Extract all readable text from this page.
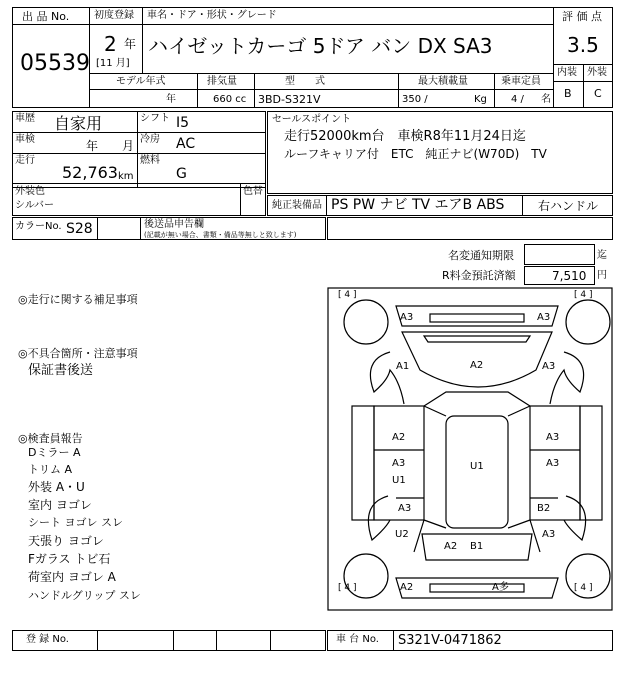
出 品 No.
05539
初度登録
2 年
[11 月]
車名・ドア・形状・グレード
ハイゼットカーゴ 5ドア バン DX SA3
評 価 点
3.5
内装 外装
B C
モデル年式
年
排気量
660 cc
型　　式
3BD-S321V
最大積載量
350 /	Kg
乗車定員
4 / 名
車歴 自家用	シフト I5
車検	年 月 冷房 AC
走行
52,763 km
燃料
G
セールスポイント
走行52000km台　車検R8年11月24日迄
ルーフキャリア付　ETC　純正ナビ(W70D)　TV
外装色
シルバー
色替
純正装備品 PS PW ナビ TV エアB ABS	右ハンドル
カラーNo. S28	後送品申告欄
(記載が無い場合、書類・備品等無しと致します)
名変通知期限	迄
R料金預託済額	7,510 円
◎走行に関する補足事項
◎不具合箇所・注意事項
保証書後送
◎検査員報告
Dミラー A
トリム A
外装 A・U
室内 ヨゴレ
シート ヨゴレ スレ
天張り ヨゴレ
Fガラス トビ石
荷室内 ヨゴレ A
ハンドルグリップ スレ
[ 4 ]	[ 4 ]
[ 4 ]	[ 4 ]
A3	A3
A2
A1	A3
A2	A3
A3
U1
U1	A3
A3
U2
B2
A3
A2 B1
A2	A多
登 録 No.	車 台 No. S321V-0471862
